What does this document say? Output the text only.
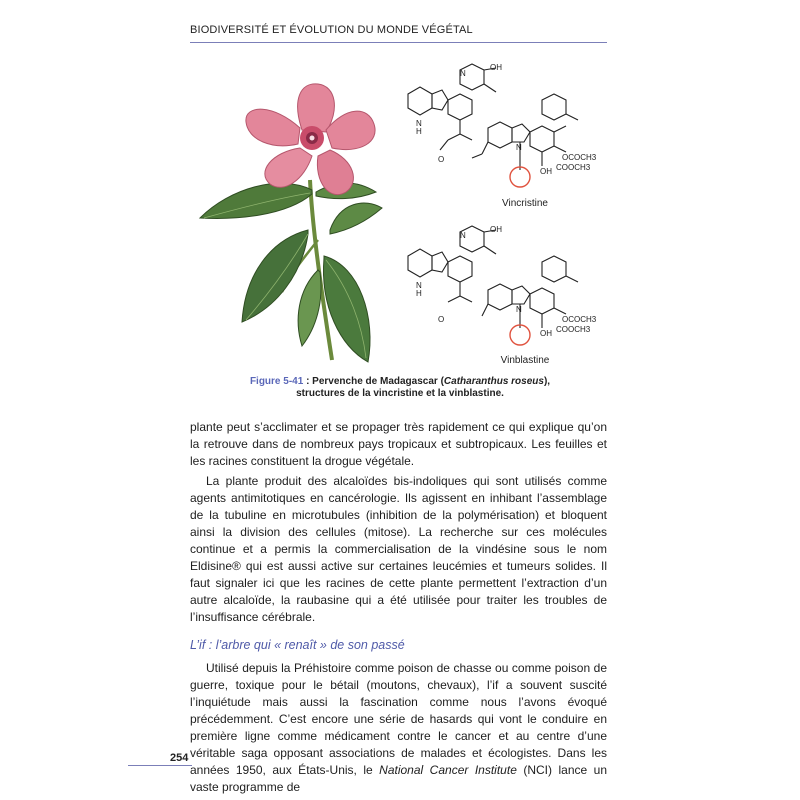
BIODIVERSITÉ ET ÉVOLUTION DU MONDE VÉGÉTAL
N
H
OH
O
N
OCOCH3
COOCH3
OH
N
N
H
OH
O
N
OCOCH3
COOCH3
OH
N
Vincristine
Vinblastine
Figure 5-41 : Pervenche de Madagascar (Catharanthus roseus),
structures de la vincristine et la vinblastine.

plante peut s’acclimater et se propager très rapidement ce qui explique qu’on la retrouve dans de nombreux pays tropicaux et subtropicaux. Les feuilles et les racines constituent la drogue végétale.

La plante produit des alcaloïdes bis-indoliques qui sont utilisés comme agents antimitotiques en cancérologie. Ils agissent en inhibant l’assemblage de la tubuline en microtubules (inhibition de la polymérisation) et bloquent ainsi la division des cellules (mitose). La recherche sur ces molécules continue et a permis la commercialisation de la vindésine sous le nom Eldisine® qui est aussi active sur certaines leucémies et tumeurs solides. Il faut signaler ici que les racines de cette plante permettent l’extraction d’un autre alcaloïde, la raubasine qui a été utilisée pour traiter les troubles de l’insuffisance cérébrale.

L’if : l’arbre qui « renaît » de son passé

Utilisé depuis la Préhistoire comme poison de chasse ou comme poison de guerre, toxique pour le bétail (moutons, chevaux), l’if a souvent suscité l’inquiétude mais aussi la fascination comme nous l’avons évoqué précédemment. C’est encore une série de hasards qui vont le conduire en première ligne comme médicament contre le cancer et au centre d’une véritable saga opposant associations de malades et écologistes. Dans les années 1950, aux États-Unis, le National Cancer Institute (NCI) lance un vaste programme de

254
